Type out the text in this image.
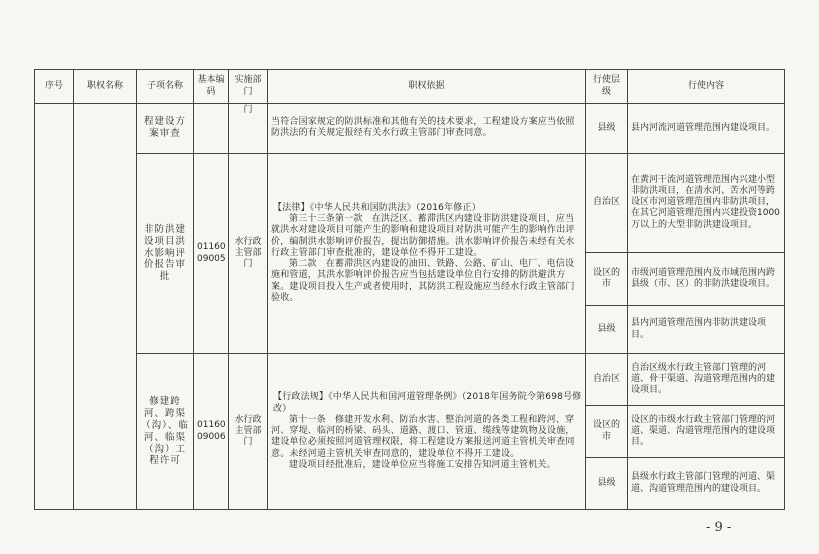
序号	职权名称	子项名称	基本编码	实施部门	职权依据	行使层级	行使内容
		程建设方案审查		门	当符合国家规定的防洪标准和其他有关的技术要求，工程建设方案应当依照防洪法的有关规定报经有关水行政主管部门审查同意。	县级	县内河流河道管理范围内建设项目。
		非防洪建设项目洪水影响评价报告审批	01160 09005	水行政主管部门	【法律】《中华人民共和国防洪法》（2016年修正）
第三十三条第一款　在洪泛区、蓄滞洪区内建设非防洪建设项目，应当就洪水对建设项目可能产生的影响和建设项目对防洪可能产生的影响作出评价，编制洪水影响评价报告，提出防御措施。洪水影响评价报告未经有关水行政主管部门审查批准的，建设单位不得开工建设。
第二款　在蓄滞洪区内建设的油田、铁路、公路、矿山、电厂、电信设施和管道，其洪水影响评价报告应当包括建设单位自行安排的防洪避洪方案。建设项目投入生产或者使用时，其防洪工程设施应当经水行政主管部门验收。	自治区	在黄河干流河道管理范围内兴建小型非防洪项目，在清水河、苦水河等跨设区市河道管理范围内非防洪项目，在其它河道管理范围内兴建投资1000万以上的大型非防洪建设项目。
						设区的市	市级河道管理范围内及市域范围内跨县级（市、区）的非防洪建设项目。
						县级	县内河道管理范围内非防洪建设项目。
		修建跨河、跨渠（沟）、临河、临渠（沟）工程许可	01160 09006	水行政主管部门	【行政法规】《中华人民共和国河道管理条例》（2018年国务院令第698号修改）
第十一条　修建开发水利、防治水害、整治河道的各类工程和跨河、穿河、穿堤、临河的桥梁、码头、道路、渡口、管道、缆线等建筑物及设施，建设单位必须按照河道管理权限，将工程建设方案报送河道主管机关审查同意。未经河道主管机关审查同意的，建设单位不得开工建设。
建设项目经批准后，建设单位应当将施工安排告知河道主管机关。	自治区	自治区级水行政主管部门管理的河道、骨干渠道、沟道管理范围内的建设项目。
						设区的市	设区的市级水行政主管部门管理的河道、渠道、沟道管理范围内的建设项目。
						县级	县级水行政主管部门管理的河道、渠道、沟道管理范围内的建设项目。
- 9 -
